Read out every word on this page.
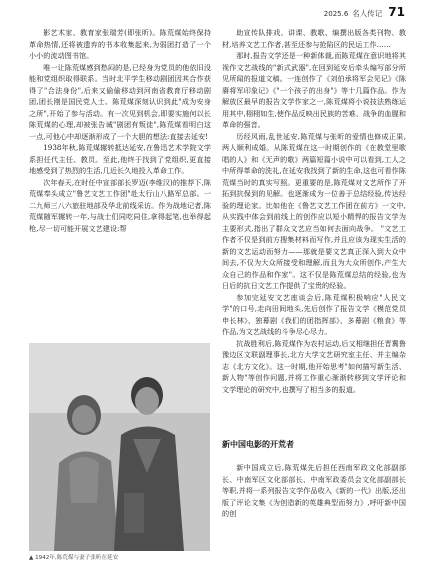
2025.6 名人传记 71

影艺术家、教育家张瑞芳(即张昕)。陈荒煤始终保持革命热情,还将被遗弃的书本收集起来,为弱团打造了一个小小的流动图书馆。

唯一让陈荒煤感到愁闷的是,已经身为党员的他依旧没能和党组织取得联系。当时北平学生移动剧团因其合作获得了"合法身份",后来又偷偷移动到河南省教育厅移动剧团,团长刚是国民党人士。陈荒煤深刻认识到此"成为安身之所",开始了参与活动。有一次见到机会,即要实施何以长陈荒煤的心理,却被张告诫"剧团有叛徒",陈荒煤看明白这一点,可他心中却逐渐形成了一个大胆的想法:直接去延安!

1938年秋,陈荒煤辗转抵达延安,在鲁迅艺术学院文学系担任代主任、教员。至此,他终于找到了党组织,更直接地感受到了热烈的生活,几近长久地投入革命工作。

次年春天,在时任中宣部部长罗迈(李维汉)的推荐下,陈荒煤奉头成立"鲁艺文艺工作团"赴太行山八路军总部。一二九师三八六旅驻地部及华北前线采访。作为战地记者,陈荒煤随军辗转一年,与战士们同吃同住,拿得起笔,也举得起枪,尽一切可能开展文艺建设:帮

▲ 1942年,陈荒煤与妻子张昕在延安

助宣传队排戏、讲课、教歌、编撰出版各类刊物、教材,培养文艺工作者,甚至还参与抢陷区的民运工作……

那时,报告文学还是一种新体裁,而陈荒煤在意识地将其视作文艺战线的"新式武器",在回到延安后牵头编写部分所见所闻的报道文稿。一连创作了《刘伯承将军会见记》《陈赓将军印象记》《"一个孩子的出身"》等十几篇作品。作为解放区最早的报告文学作家之一,陈荒煤将小说技法熟练运用其中,栩栩如生,使作品反映出民族的苦难、战争的血腥和革命的强音。

历经风雨,乱世延安,陈荒煤与张昕的爱情也修成正果,两人顺利成婚。从陈荒煤在这一时期创作的《在教堂里歌唱的人》和《无声的歌》两篇短篇小说中可以看到,工人之中所得革命的洗礼,在延安我找到了新的生命,这也可看作陈荒煤当时的真实写照。更重要的是,陈荒煤对文艺所作了开拓到抗保到的见解。也逐渐成为一位善于总结经验,传达经验的理论家。比如他在《鲁艺文艺工作团在前方》一文中,从实践中体会到前线上的创作应以短小精悍的报告文学为主要形式,指出了群众文艺应当如何去面向战争。 "文艺工作者不仅是到前方搜集材料而写作,并且应该为现实生活的新的文艺运动而努力——那就是要文艺真正深入到大众中间去,不仅为大众所接受和理解,而且为大众所创作,产生大众自己的作品和作家"。这不仅是陈荒煤总结的经验,也为日后的抗日文艺工作提供了宝贵的经验。

参加完延安文艺座谈会后,陈荒煤积极响应"人民文学"的口号,走向田间地头,先后创作了报告文学《模范党员申长林》、独幕剧《我们的团指挥部》、多幕剧《粮食》等作品,为文艺战线的斗争尽心尽力。

抗战胜利后,陈荒煤作为农村运动,后又相继担任晋冀鲁豫边区文联副理事长,北方大学文艺研究室主任、并主编杂志《北方文化》。这一时期,他开始思考"如何描写新生活、新人物"等创作问题,并将工作重心渐渐转移到文学评论和文学理论的研究中,也撰写了相当多的报道。

新中国电影的开荒者

新中国成立后,陈荒煤先后担任西南军政文化部副部长、中南军区文化部部长、中南军政委员会文化部副部长等职,并将一系列报告文学作品收入《新的一代》出版,还出版了评论文集《为创造新的英雄典型而努力》,呼吁新中国的创
